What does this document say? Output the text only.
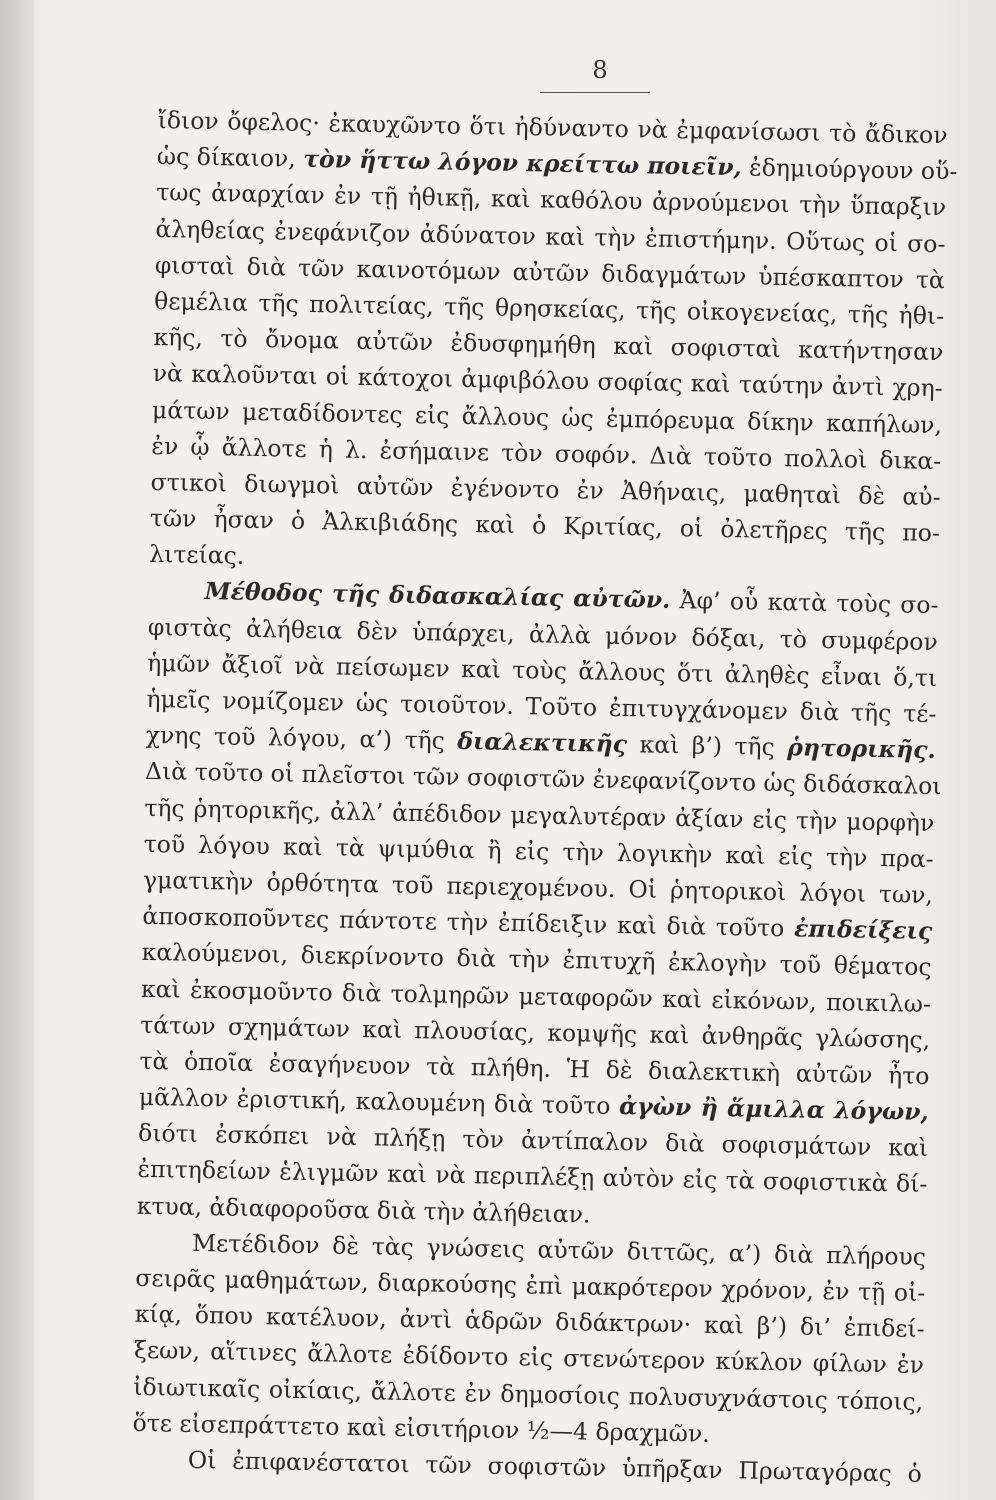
8
ἴδιον ὄφελος· ἐκαυχῶντο ὅτι ἠδύναντο νὰ ἐμφανίσωσι τὸ ἄδικον
ὡς δίκαιον, τὸν ἥττω λόγον κρείττω ποιεῖν, ἐδημιούργουν οὕ-
τως ἀναρχίαν ἐν τῇ ἠθικῇ, καὶ καθόλου ἀρνούμενοι τὴν ὕπαρξιν
ἀληθείας ἐνεφάνιζον ἀδύνατον καὶ τὴν ἐπιστήμην. Οὕτως οἱ σο-
φισταὶ διὰ τῶν καινοτόμων αὐτῶν διδαγμάτων ὑπέσκαπτον τὰ
θεμέλια τῆς πολιτείας, τῆς θρησκείας, τῆς οἰκογενείας, τῆς ἠθι-
κῆς, τὸ ὄνομα αὐτῶν ἐδυσφημήθη καὶ σοφισταὶ κατήντησαν
νὰ καλοῦνται οἱ κάτοχοι ἀμφιβόλου σοφίας καὶ ταύτην ἀντὶ χρη-
μάτων μεταδίδοντες εἰς ἄλλους ὡς ἐμπόρευμα δίκην καπήλων,
ἐν ᾧ ἄλλοτε ἡ λ. ἐσήμαινε τὸν σοφόν. Διὰ τοῦτο πολλοὶ δικα-
στικοὶ διωγμοὶ αὐτῶν ἐγένοντο ἐν Ἀθήναις, μαθηταὶ δὲ αὐ-
τῶν ἦσαν ὁ Ἀλκιβιάδης καὶ ὁ Κριτίας, οἱ ὀλετῆρες τῆς πο-
λιτείας.
Μέθοδος τῆς διδασκαλίας αὐτῶν. Ἀφ’ οὗ κατὰ τοὺς σο-
φιστὰς ἀλήθεια δὲν ὑπάρχει, ἀλλὰ μόνον δόξαι, τὸ συμφέρον
ἡμῶν ἄξιοῖ νὰ πείσωμεν καὶ τοὺς ἄλλους ὅτι ἀληθὲς εἶναι ὅ,τι
ἡμεῖς νομίζομεν ὡς τοιοῦτον. Τοῦτο ἐπιτυγχάνομεν διὰ τῆς τέ-
χνης τοῦ λόγου, α’) τῆς διαλεκτικῆς καὶ β’) τῆς ῥητορικῆς.
Διὰ τοῦτο οἱ πλεῖστοι τῶν σοφιστῶν ἐνεφανίζοντο ὡς διδάσκαλοι
τῆς ῥητορικῆς, ἀλλ’ ἀπέδιδον μεγαλυτέραν ἀξίαν εἰς τὴν μορφὴν
τοῦ λόγου καὶ τὰ ψιμύθια ἢ εἰς τὴν λογικὴν καὶ εἰς τὴν πρα-
γματικὴν ὀρθότητα τοῦ περιεχομένου. Οἱ ῥητορικοὶ λόγοι των,
ἀποσκοποῦντες πάντοτε τὴν ἐπίδειξιν καὶ διὰ τοῦτο ἐπιδείξεις
καλούμενοι, διεκρίνοντο διὰ τὴν ἐπιτυχῆ ἐκλογὴν τοῦ θέματος
καὶ ἐκοσμοῦντο διὰ τολμηρῶν μεταφορῶν καὶ εἰκόνων, ποικιλω-
τάτων σχημάτων καὶ πλουσίας, κομψῆς καὶ ἀνθηρᾶς γλώσσης,
τὰ ὁποῖα ἐσαγήνευον τὰ πλήθη. Ἡ δὲ διαλεκτικὴ αὐτῶν ἦτο
μᾶλλον ἐριστική, καλουμένη διὰ τοῦτο ἀγὼν ἢ ἅμιλλα λόγων,
διότι ἐσκόπει νὰ πλήξῃ τὸν ἀντίπαλον διὰ σοφισμάτων καὶ
ἐπιτηδείων ἑλιγμῶν καὶ νὰ περιπλέξῃ αὐτὸν εἰς τὰ σοφιστικὰ δί-
κτυα, ἀδιαφοροῦσα διὰ τὴν ἀλήθειαν.
Μετέδιδον δὲ τὰς γνώσεις αὐτῶν διττῶς, α’) διὰ πλήρους
σειρᾶς μαθημάτων, διαρκούσης ἐπὶ μακρότερον χρόνον, ἐν τῇ οἰ-
κίᾳ, ὅπου κατέλυον, ἀντὶ ἁδρῶν διδάκτρων· καὶ β’) δι’ ἐπιδεί-
ξεων, αἵτινες ἄλλοτε ἐδίδοντο εἰς στενώτερον κύκλον φίλων ἐν
ἰδιωτικαῖς οἰκίαις, ἄλλοτε ἐν δημοσίοις πολυσυχνάστοις τόποις,
ὅτε εἰσεπράττετο καὶ εἰσιτήριον ½—4 δραχμῶν.
Οἱ ἐπιφανέστατοι τῶν σοφιστῶν ὑπῆρξαν Πρωταγόρας ὁ
